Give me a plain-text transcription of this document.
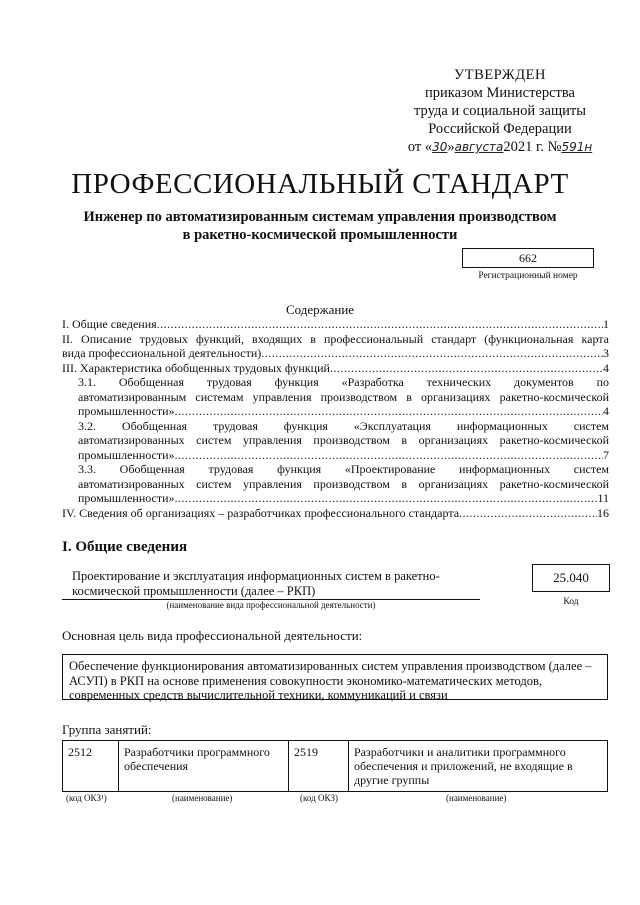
УТВЕРЖДЕН
приказом Министерства
труда и социальной защиты
Российской Федерации
от «30»августа2021 г. №591н
ПРОФЕССИОНАЛЬНЫЙ СТАНДАРТ
Инженер по автоматизированным системам управления производством
в ракетно-космической промышленности
662
Регистрационный номер
Содержание
I. Общие сведения .....	1
II. Описание трудовых функций, входящих в профессиональный стандарт (функциональная карта
вида профессиональной деятельности) .....	3
III. Характеристика обобщенных трудовых функций .....	4
3.1. Обобщенная трудовая функция «Разработка технических документов по
автоматизированным системам управления производством в организациях ракетно-космической
промышленности» .....	4
3.2. Обобщенная трудовая функция «Эксплуатация информационных систем
автоматизированных систем управления производством в организациях ракетно-космической
промышленности» .....	7
3.3. Обобщенная трудовая функция «Проектирование информационных систем
автоматизированных систем управления производством в организациях ракетно-космической
промышленности» .....	11
IV. Сведения об организациях – разработчиках профессионального стандарта .....	16
I. Общие сведения
Проектирование и эксплуатация информационных систем в ракетно-
космической промышленности (далее – РКП)
(наименование вида профессиональной деятельности)
25.040
Код
Основная цель вида профессиональной деятельности:
Обеспечение функционирования автоматизированных систем управления производством (далее – АСУП) в РКП на основе применения совокупности экономико-математических методов, современных средств вычислительной техники, коммуникаций и связи
Группа занятий:
2512	Разработчики программного обеспечения	2519	Разработчики и аналитики программного обеспечения и приложений, не входящие в другие группы
(код ОКЗ¹)	(наименование)	(код ОКЗ)	(наименование)
